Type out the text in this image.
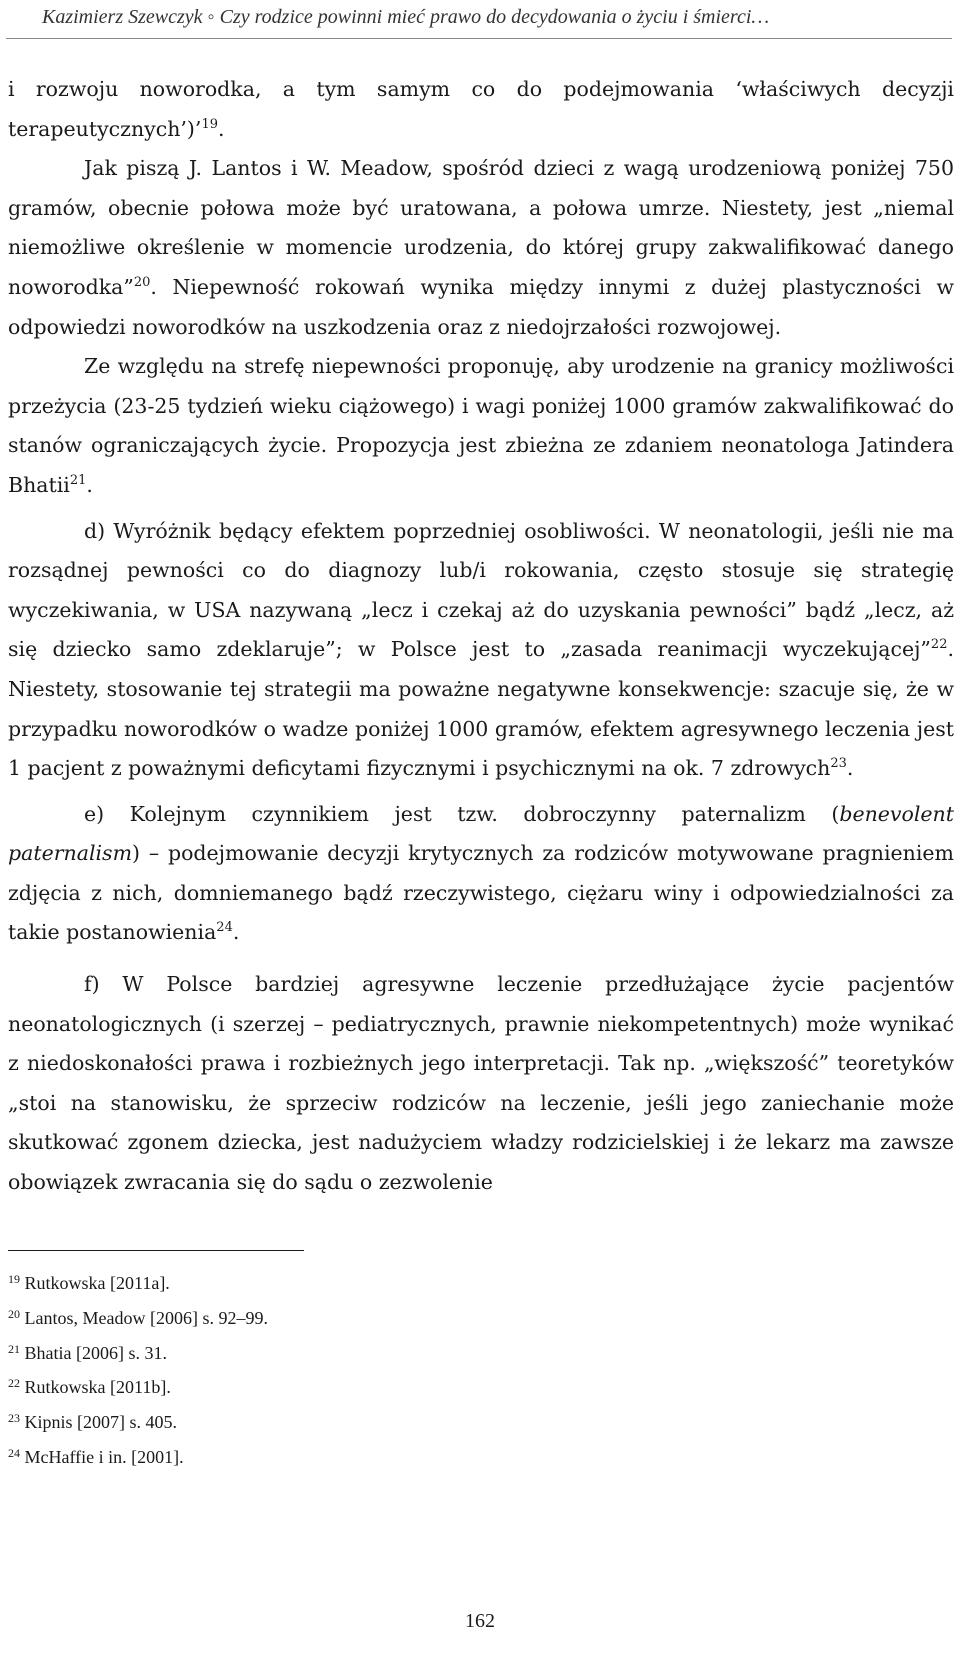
Kazimierz Szewczyk ◦ Czy rodzice powinni mieć prawo do decydowania o życiu i śmierci…

i rozwoju noworodka, a tym samym co do podejmowania ‘właściwych decyzji terapeutycznych’)’$^{19}$.

Jak piszą J. Lantos i W. Meadow, spośród dzieci z wagą urodzeniową poniżej 750 gramów, obecnie połowa może być uratowana, a połowa umrze. Niestety, jest „niemal niemożliwe określenie w momencie urodzenia, do której grupy zakwalifikować danego noworodka”$^{20}$. Niepewność rokowań wynika między innymi z dużej plastyczności w odpowiedzi noworodków na uszkodzenia oraz z niedojrzałości rozwojowej.

Ze względu na strefę niepewności proponuję, aby urodzenie na granicy możliwości przeżycia (23-25 tydzień wieku ciążowego) i wagi poniżej 1000 gramów zakwalifikować do stanów ograniczających życie. Propozycja jest zbieżna ze zdaniem neonatologa Jatindera Bhatii$^{21}$.

d) Wyróżnik będący efektem poprzedniej osobliwości. W neonatologii, jeśli nie ma rozsądnej pewności co do diagnozy lub/i rokowania, często stosuje się strategię wyczekiwania, w USA nazywaną „lecz i czekaj aż do uzyskania pewności” bądź „lecz, aż się dziecko samo zdeklaruje”; w Polsce jest to „zasada reanimacji wyczekującej”$^{22}$. Niestety, stosowanie tej strategii ma poważne negatywne konsekwencje: szacuje się, że w przypadku noworodków o wadze poniżej 1000 gramów, efektem agresywnego leczenia jest 1 pacjent z poważnymi deficytami fizycznymi i psychicznymi na ok. 7 zdrowych$^{23}$.

e) Kolejnym czynnikiem jest tzw. dobroczynny paternalizm (benevolent paternalism) – podejmowanie decyzji krytycznych za rodziców motywowane pragnieniem zdjęcia z nich, domniemanego bądź rzeczywistego, ciężaru winy i odpowiedzialności za takie postanowienia$^{24}$.

f) W Polsce bardziej agresywne leczenie przedłużające życie pacjentów neonatologicznych (i szerzej – pediatrycznych, prawnie niekompetentnych) może wynikać z niedoskonałości prawa i rozbieżnych jego interpretacji. Tak np. „większość” teoretyków „stoi na stanowisku, że sprzeciw rodziców na leczenie, jeśli jego zaniechanie może skutkować zgonem dziecka, jest nadużyciem władzy rodzicielskiej i że lekarz ma zawsze obowiązek zwracania się do sądu o zezwolenie

$^{19}$ Rutkowska [2011a].
$^{20}$ Lantos, Meadow [2006] s. 92–99.
$^{21}$ Bhatia [2006] s. 31.
$^{22}$ Rutkowska [2011b].
$^{23}$ Kipnis [2007] s. 405.
$^{24}$ McHaffie i in. [2001].
162
